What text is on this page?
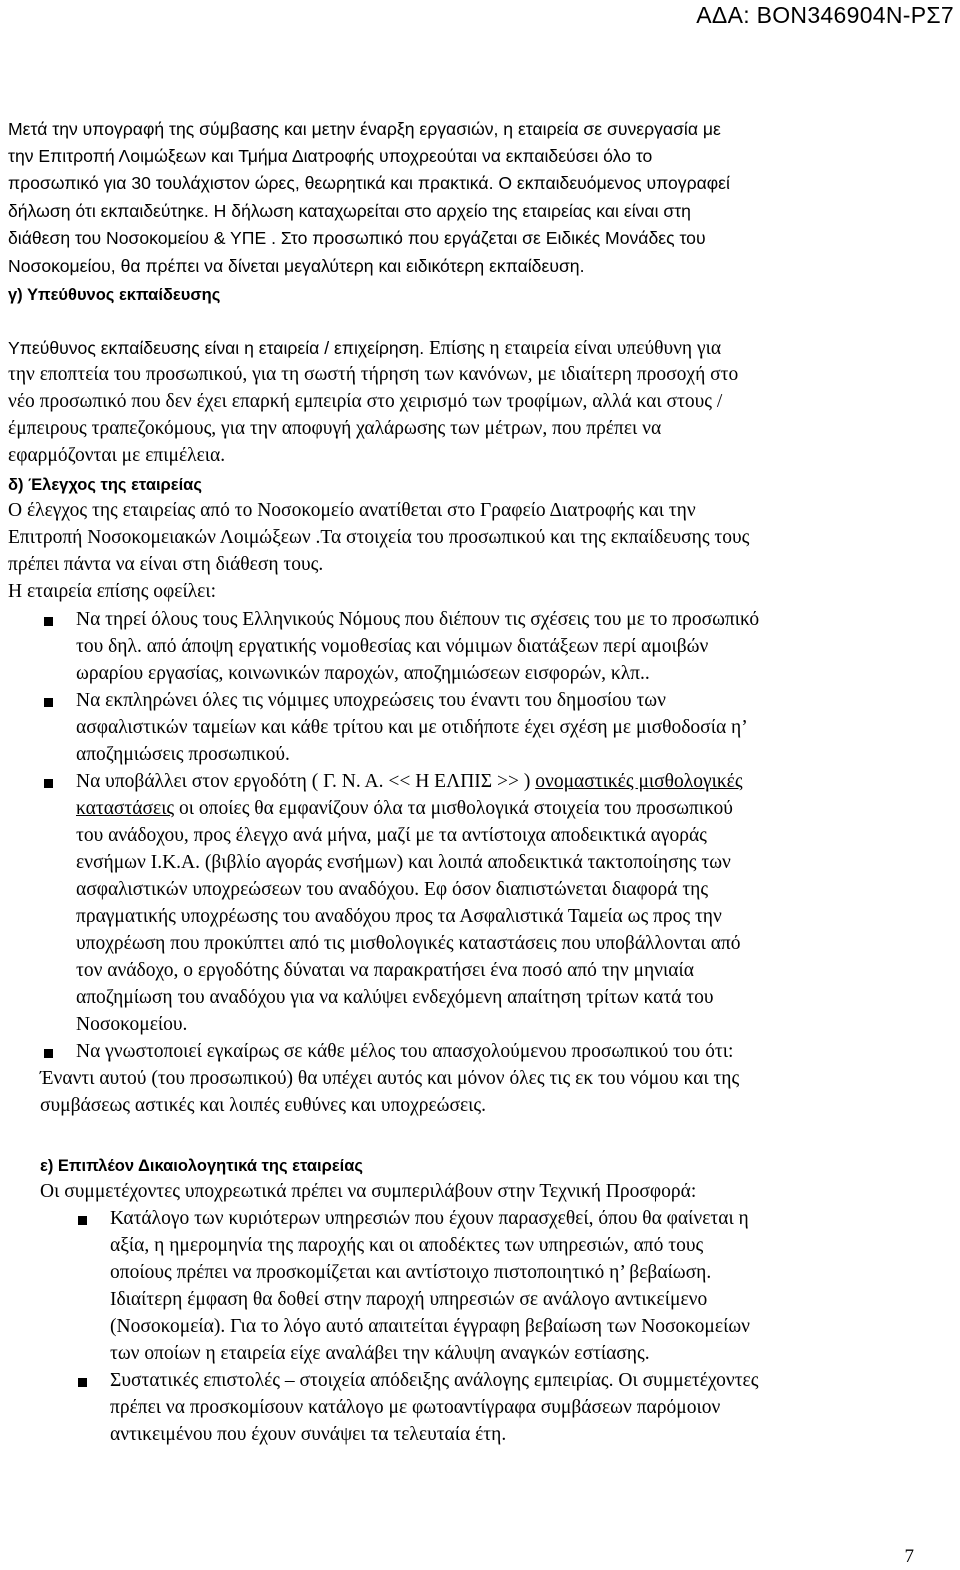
ΑΔΑ: ΒΟΝ346904Ν-ΡΣ7

Μετά την υπογραφή της σύμβασης και μετην έναρξη εργασιών, η εταιρεία σε συνεργασία με

την Επιτροπή Λοιμώξεων και Τμήμα Διατροφής υποχρεούται να εκπαιδεύσει όλο το

προσωπικό για 30 τουλάχιστον ώρες, θεωρητικά και πρακτικά. Ο εκπαιδευόμενος υπογραφεί

δήλωση ότι εκπαιδεύτηκε. Η δήλωση καταχωρείται στο αρχείο της εταιρείας και είναι στη

διάθεση του Νοσοκομείου & ΥΠΕ . Στο προσωπικό που εργάζεται σε Ειδικές Μονάδες του

Νοσοκομείου, θα πρέπει να δίνεται μεγαλύτερη και ειδικότερη εκπαίδευση.

γ) Υπεύθυνος εκπαίδευσης

Υπεύθυνος εκπαίδευσης είναι η εταιρεία / επιχείρηση. Επίσης η εταιρεία είναι υπεύθυνη για

την εποπτεία του προσωπικού, για τη σωστή τήρηση των κανόνων, με ιδιαίτερη προσοχή στο

νέο προσωπικό που δεν έχει επαρκή εμπειρία στο χειρισμό των τροφίμων, αλλά και στους /

έμπειρους τραπεζοκόμους, για την αποφυγή χαλάρωσης των μέτρων, που πρέπει να

εφαρμόζονται με επιμέλεια.

δ) Έλεγχος της εταιρείας

Ο έλεγχος της εταιρείας από το Νοσοκομείο ανατίθεται στο Γραφείο Διατροφής και την

Επιτροπή Νοσοκομειακών Λοιμώξεων .Τα στοιχεία του προσωπικού και της εκπαίδευσης τους

πρέπει πάντα να είναι στη διάθεση τους.

Η εταιρεία επίσης οφείλει:

Να τηρεί όλους τους Ελληνικούς Νόμους που διέπουν τις σχέσεις του με το προσωπικό

του δηλ. από άποψη εργατικής νομοθεσίας και νόμιμων διατάξεων περί αμοιβών

ωραρίου εργασίας, κοινωνικών παροχών, αποζημιώσεων εισφορών, κλπ..

Να εκπληρώνει όλες τις νόμιμες υποχρεώσεις του έναντι του δημοσίου των

ασφαλιστικών ταμείων και κάθε τρίτου και με οτιδήποτε έχει σχέση με μισθοδοσία η’

αποζημιώσεις προσωπικού.

Να υποβάλλει στον εργοδότη ( Γ. Ν. Α. << Η ΕΛΠΙΣ >> ) ονομαστικές μισθολογικές

καταστάσεις οι οποίες θα εμφανίζουν όλα τα μισθολογικά στοιχεία του προσωπικού

του ανάδοχου, προς έλεγχο ανά μήνα, μαζί με τα αντίστοιχα αποδεικτικά αγοράς

ενσήμων Ι.Κ.Α. (βιβλίο αγοράς ενσήμων) και λοιπά αποδεικτικά τακτοποίησης των

ασφαλιστικών υποχρεώσεων του αναδόχου. Εφ όσον διαπιστώνεται διαφορά της

πραγματικής υποχρέωσης του αναδόχου προς τα Ασφαλιστικά Ταμεία ως προς την

υποχρέωση που προκύπτει από τις μισθολογικές καταστάσεις που υποβάλλονται από

τον ανάδοχο, ο εργοδότης δύναται να παρακρατήσει ένα ποσό από την μηνιαία

αποζημίωση του αναδόχου για να καλύψει ενδεχόμενη απαίτηση τρίτων κατά του

Νοσοκομείου.

Να γνωστοποιεί εγκαίρως σε κάθε μέλος του απασχολούμενου προσωπικού του ότι:

Έναντι αυτού (του προσωπικού) θα υπέχει αυτός και μόνον όλες τις εκ του νόμου και της

συμβάσεως αστικές και λοιπές ευθύνες και υποχρεώσεις.

ε) Επιπλέον Δικαιολογητικά της εταιρείας

Οι συμμετέχοντες υποχρεωτικά πρέπει να συμπεριλάβουν στην Τεχνική Προσφορά:

Κατάλογο των κυριότερων υπηρεσιών που έχουν παρασχεθεί, όπου θα φαίνεται η

αξία, η ημερομηνία της παροχής και οι αποδέκτες των υπηρεσιών, από τους

οποίους πρέπει να προσκομίζεται και αντίστοιχο πιστοποιητικό η’ βεβαίωση.

Ιδιαίτερη έμφαση θα δοθεί στην παροχή υπηρεσιών σε ανάλογο αντικείμενο

(Νοσοκομεία). Για το λόγο αυτό απαιτείται έγγραφη βεβαίωση των Νοσοκομείων

των οποίων η εταιρεία είχε αναλάβει την κάλυψη αναγκών εστίασης.

Συστατικές επιστολές – στοιχεία απόδειξης ανάλογης εμπειρίας. Οι συμμετέχοντες

πρέπει να προσκομίσουν κατάλογο με φωτοαντίγραφα συμβάσεων παρόμοιον

αντικειμένου που έχουν συνάψει τα τελευταία έτη.

7
